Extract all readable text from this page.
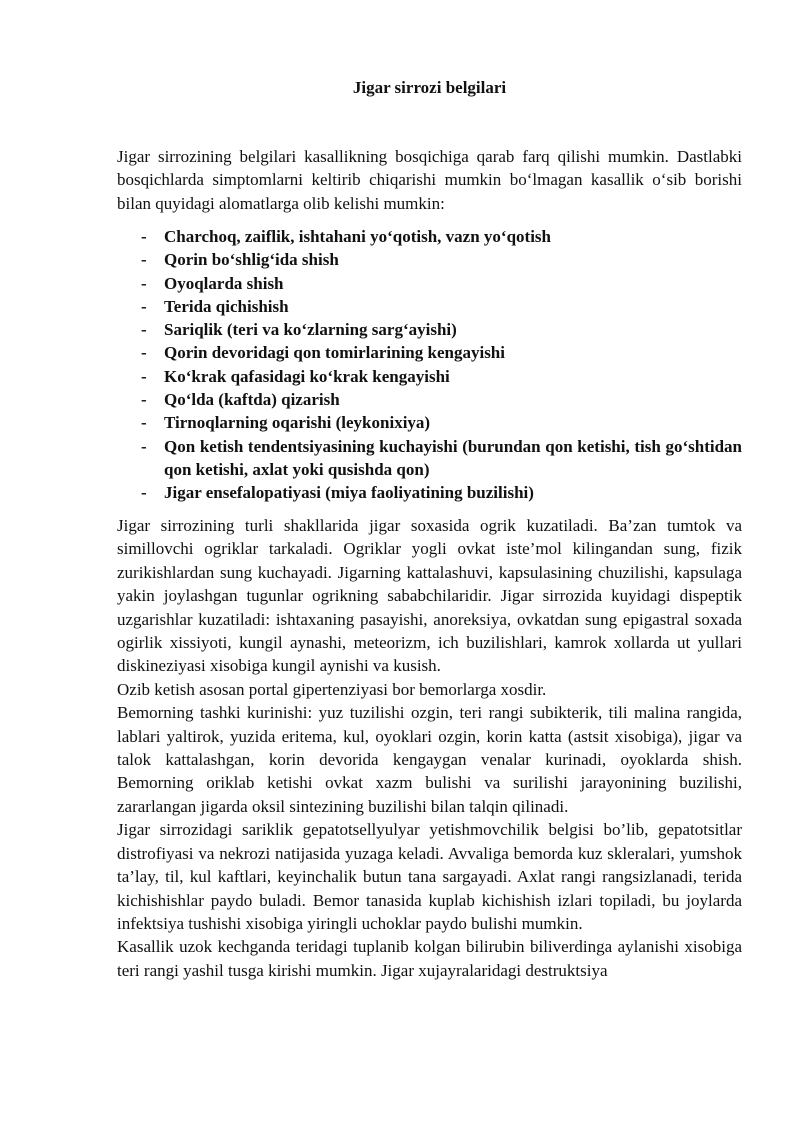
Jigar sirrozi belgilari

Jigar sirrozining belgilari kasallikning bosqichiga qarab farq qilishi mumkin. Dastlabki bosqichlarda simptomlarni keltirib chiqarishi mumkin bo‘lmagan kasallik o‘sib borishi bilan quyidagi alomatlarga olib kelishi mumkin:

- Charchoq, zaiflik, ishtahani yo‘qotish, vazn yo‘qotish
- Qorin bo‘shlig‘ida shish
- Oyoqlarda shish
- Terida qichishish
- Sariqlik (teri va ko‘zlarning sarg‘ayishi)
- Qorin devoridagi qon tomirlarining kengayishi
- Ko‘krak qafasidagi ko‘krak kengayishi
- Qo‘lda (kaftda) qizarish
- Tirnoqlarning oqarishi (leykonixiya)
- Qon ketish tendentsiyasining kuchayishi (burundan qon ketishi, tish go‘shtidan qon ketishi, axlat yoki qusishda qon)
- Jigar ensefalopatiyasi (miya faoliyatining buzilishi)

Jigar sirrozining turli shakllarida jigar soxasida ogrik kuzatiladi. Ba’zan tumtok va simillovchi ogriklar tarkaladi. Ogriklar yogli ovkat iste’mol kilingandan sung, fizik zurikishlardan sung kuchayadi. Jigarning kattalashuvi, kapsulasining chuzilishi, kapsulaga yakin joylashgan tugunlar ogrikning sababchilaridir. Jigar sirrozida kuyidagi dispeptik uzgarishlar kuzatiladi: ishtaxaning pasayishi, anoreksiya, ovkatdan sung epigastral soxada ogirlik xissiyoti, kungil aynashi, meteorizm, ich buzilishlari, kamrok xollarda ut yullari diskineziyasi xisobiga kungil aynishi va kusish.

Ozib ketish asosan portal gipertenziyasi bor bemorlarga xosdir.

Bemorning tashki kurinishi: yuz tuzilishi ozgin, teri rangi subikterik, tili malina rangida, lablari yaltirok, yuzida eritema, kul, oyoklari ozgin, korin katta (astsit xisobiga), jigar va talok kattalashgan, korin devorida kengaygan venalar kurinadi, oyoklarda shish. Bemorning oriklab ketishi ovkat xazm bulishi va surilishi jarayonining buzilishi, zararlangan jigarda oksil sintezining buzilishi bilan talqin qilinadi.

Jigar sirrozidagi sariklik gepatotsellyulyar yetishmovchilik belgisi bo’lib, gepatotsitlar distrofiyasi va nekrozi natijasida yuzaga keladi. Avvaliga bemorda kuz skleralari, yumshok ta’lay, til, kul kaftlari, keyinchalik butun tana sargayadi. Axlat rangi rangsizlanadi, terida kichishishlar paydo buladi. Bemor tanasida kuplab kichishish izlari topiladi, bu joylarda infektsiya tushishi xisobiga yiringli uchoklar paydo bulishi mumkin.

Kasallik uzok kechganda teridagi tuplanib kolgan bilirubin biliverdinga aylanishi xisobiga teri rangi yashil tusga kirishi mumkin. Jigar xujayralaridagi destruktsiya
